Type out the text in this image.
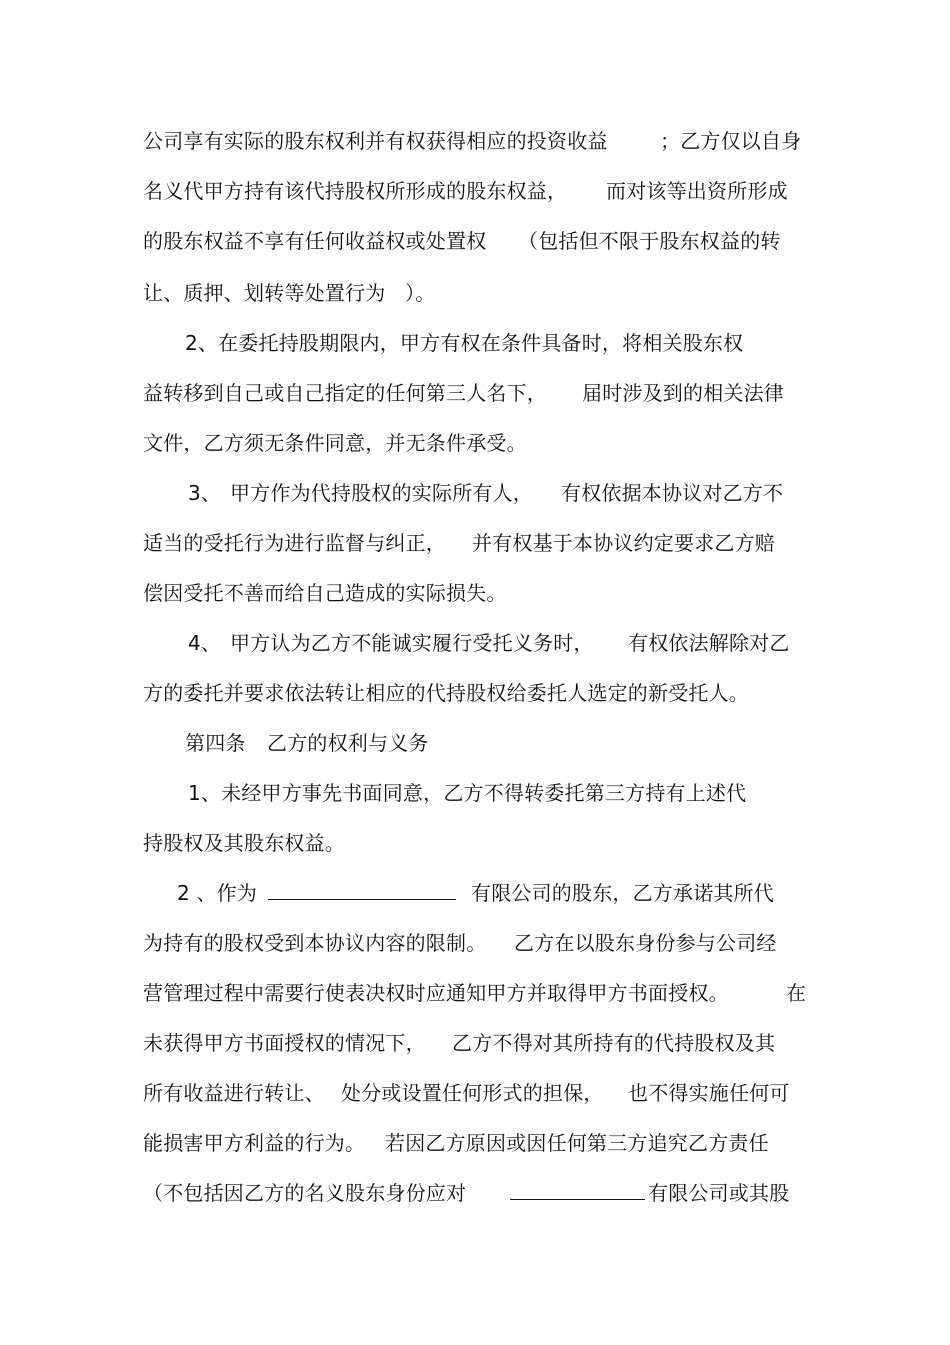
公司享有实际的股东权利并有权获得相应的投资收益	；乙方仅以自身
名义代甲方持有该代持股权所形成的股东权益， 而对该等出资所形成
的股东权益不享有任何收益权或处置权 （包括但不限于股东权益的转
让、质押、划转等处置行为 ）。
2、在委托持股期限内，甲方有权在条件具备时，将相关股东权
益转移到自己或自己指定的任何第三人名下， 届时涉及到的相关法律
文件，乙方须无条件同意，并无条件承受。
3、 甲方作为代持股权的实际所有人， 有权依据本协议对乙方不
适当的受托行为进行监督与纠正， 并有权基于本协议约定要求乙方赔
偿因受托不善而给自己造成的实际损失。
4、 甲方认为乙方不能诚实履行受托义务时， 有权依法解除对乙
方的委托并要求依法转让相应的代持股权给委托人选定的新受托人。
第四条 乙方的权利与义务
1、未经甲方事先书面同意，乙方不得转委托第三方持有上述代
持股权及其股东权益。
2 、作为	有限公司的股东，乙方承诺其所代
为持有的股权受到本协议内容的限制。 乙方在以股东身份参与公司经
营管理过程中需要行使表决权时应通知甲方并取得甲方书面授权。	在
未获得甲方书面授权的情况下， 乙方不得对其所持有的代持股权及其
所有收益进行转让、 处分或设置任何形式的担保， 也不得实施任何可
能损害甲方利益的行为。 若因乙方原因或因任何第三方追究乙方责任
（不包括因乙方的名义股东身份应对	有限公司或其股
